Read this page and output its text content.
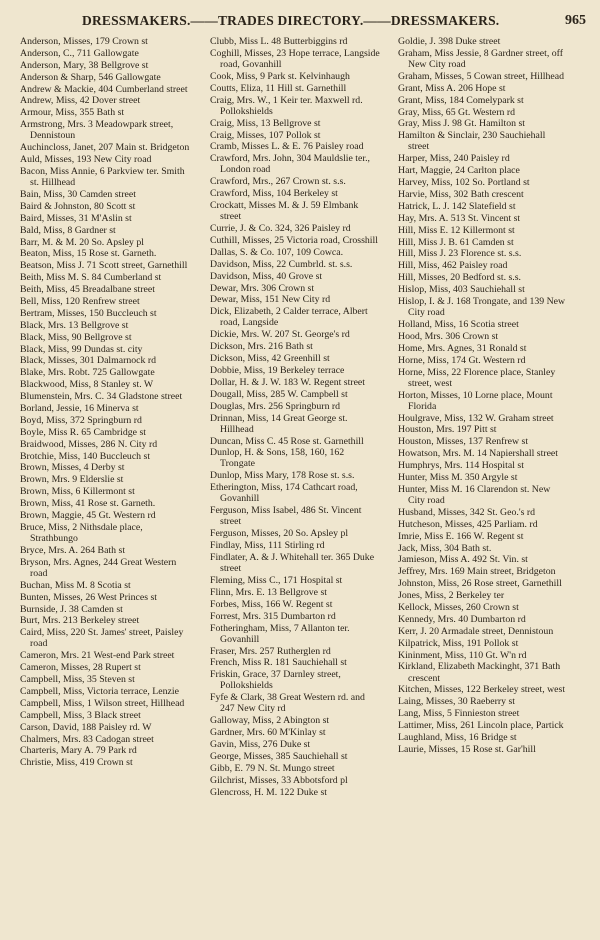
DRESSMAKERS.——TRADES DIRECTORY.——DRESSMAKERS.	965
Anderson, Misses, 179 Crown st
Anderson, C., 711 Gallowgate
Anderson, Mary, 38 Bellgrove st
Anderson & Sharp, 546 Gallowgate
Andrew & Mackie, 404 Cumberland street
Andrew, Miss, 42 Dover street
Armour, Miss, 355 Bath st
Armstrong, Mrs. 3 Meadowpark street, Dennistoun
Auchincloss, Janet, 207 Main st. Bridgeton
Auld, Misses, 193 New City road
Bacon, Miss Annie, 6 Parkview ter. Smith st. Hillhead
Bain, Miss, 30 Camden street
Baird & Johnston, 80 Scott st
Baird, Misses, 31 M'Aslin st
Bald, Miss, 8 Gardner st
Barr, M. & M. 20 So. Apsley pl
Beaton, Miss, 15 Rose st. Garneth.
Beatson, Miss J. 71 Scott street, Garnethill
Beith, Miss M. S. 84 Cumberland st
Beith, Miss, 45 Breadalbane street
Bell, Miss, 120 Renfrew street
Bertram, Misses, 150 Buccleuch st
Black, Mrs. 13 Bellgrove st
Black, Miss, 90 Bellgrove st
Black, Miss, 99 Dundas st. city
Black, Misses, 301 Dalmarnock rd
Blake, Mrs. Robt. 725 Gallowgate
Blackwood, Miss, 8 Stanley st. W
Blumenstein, Mrs. C. 34 Gladstone street
Borland, Jessie, 16 Minerva st
Boyd, Miss, 372 Springburn rd
Boyle, Miss R. 65 Cambridge st
Braidwood, Misses, 286 N. City rd
Brotchie, Miss, 140 Buccleuch st
Brown, Misses, 4 Derby st
Brown, Mrs. 9 Elderslie st
Brown, Miss, 6 Killermont st
Brown, Miss, 41 Rose st. Garneth.
Brown, Maggie, 45 Gt. Western rd
Bruce, Miss, 2 Nithsdale place, Strathbungo
Bryce, Mrs. A. 264 Bath st
Bryson, Mrs. Agnes, 244 Great Western road
Buchan, Miss M. 8 Scotia st
Bunten, Misses, 26 West Princes st
Burnside, J. 38 Camden st
Burt, Mrs. 213 Berkeley street
Caird, Miss, 220 St. James' street, Paisley road
Cameron, Mrs. 21 West-end Park street
Cameron, Misses, 28 Rupert st
Campbell, Miss, 35 Steven st
Campbell, Miss, Victoria terrace, Lenzie
Campbell, Miss, 1 Wilson street, Hillhead
Campbell, Miss, 3 Black street
Carson, David, 188 Paisley rd. W
Chalmers, Mrs. 83 Cadogan street
Charteris, Mary A. 79 Park rd
Christie, Miss, 419 Crown st
Clubb, Miss L. 48 Butterbiggins rd
Coghill, Misses, 23 Hope terrace, Langside road, Govanhill
Cook, Miss, 9 Park st. Kelvinhaugh
Coutts, Eliza, 11 Hill st. Garnethill
Craig, Mrs. W., 1 Keir ter. Maxwell rd. Pollokshields
Craig, Miss, 13 Bellgrove st
Craig, Misses, 107 Pollok st
Cramb, Misses L. & E. 76 Paisley road
Crawford, Mrs. John, 304 Mauldslie ter., London road
Crawford, Mrs., 267 Crown st. s.s.
Crawford, Miss, 104 Berkeley st
Crockatt, Misses M. & J. 59 Elmbank street
Currie, J. & Co. 324, 326 Paisley rd
Cuthill, Misses, 25 Victoria road, Crosshill
Dallas, S. & Co. 107, 109 Cowca.
Davidson, Miss, 22 Cumbrld. st. s.s.
Davidson, Miss, 40 Grove st
Dewar, Mrs. 306 Crown st
Dewar, Miss, 151 New City rd
Dick, Elizabeth, 2 Calder terrace, Albert road, Langside
Dickie, Mrs. W. 207 St. George's rd
Dickson, Mrs. 216 Bath st
Dickson, Miss, 42 Greenhill st
Dobbie, Miss, 19 Berkeley terrace
Dollar, H. & J. W. 183 W. Regent street
Dougall, Miss, 285 W. Campbell st
Douglas, Mrs. 256 Springburn rd
Drinnan, Miss, 14 Great George st. Hillhead
Duncan, Miss C. 45 Rose st. Garnethill
Dunlop, H. & Sons, 158, 160, 162 Trongate
Dunlop, Miss Mary, 178 Rose st. s.s.
Etherington, Miss, 174 Cathcart road, Govanhill
Ferguson, Miss Isabel, 486 St. Vincent street
Ferguson, Misses, 20 So. Apsley pl
Findlay, Miss, 111 Stirling rd
Findlater, A. & J. Whitehall ter. 365 Duke street
Fleming, Miss C., 171 Hospital st
Flinn, Mrs. E. 13 Bellgrove st
Forbes, Miss, 166 W. Regent st
Forrest, Mrs. 315 Dumbarton rd
Fotheringham, Miss, 7 Allanton ter. Govanhill
Fraser, Mrs. 257 Rutherglen rd
French, Miss R. 181 Sauchiehall st
Friskin, Grace, 37 Darnley street, Pollokshields
Fyfe & Clark, 38 Great Western rd. and 247 New City rd
Galloway, Miss, 2 Abington st
Gardner, Mrs. 60 M'Kinlay st
Gavin, Miss, 276 Duke st
George, Misses, 385 Sauchiehall st
Gibb, E. 79 N. St. Mungo street
Gilchrist, Misses, 33 Abbotsford pl
Glencross, H. M. 122 Duke st
Goldie, J. 398 Duke street
Graham, Miss Jessie, 8 Gardner street, off New City road
Graham, Misses, 5 Cowan street, Hillhead
Grant, Miss A. 206 Hope st
Grant, Miss, 184 Comelypark st
Gray, Miss, 65 Gt. Western rd
Gray, Miss J. 98 Gt. Hamilton st
Hamilton & Sinclair, 230 Sauchiehall street
Harper, Miss, 240 Paisley rd
Hart, Maggie, 24 Carlton place
Harvey, Miss, 102 So. Portland st
Harvie, Miss, 302 Bath crescent
Hatrick, L. J. 142 Slatefield st
Hay, Mrs. A. 513 St. Vincent st
Hill, Miss E. 12 Killermont st
Hill, Miss J. B. 61 Camden st
Hill, Miss J. 23 Florence st. s.s.
Hill, Miss, 462 Paisley road
Hill, Misses, 20 Bedford st. s.s.
Hislop, Miss, 403 Sauchiehall st
Hislop, I. & J. 168 Trongate, and 139 New City road
Holland, Miss, 16 Scotia street
Hood, Mrs. 306 Crown st
Home, Mrs. Agnes, 31 Ronald st
Horne, Miss, 174 Gt. Western rd
Horne, Miss, 22 Florence place, Stanley street, west
Horton, Misses, 10 Lorne place, Mount Florida
Houlgrave, Miss, 132 W. Graham street
Houston, Mrs. 197 Pitt st
Houston, Misses, 137 Renfrew st
Howatson, Mrs. M. 14 Napiershall street
Humphrys, Mrs. 114 Hospital st
Hunter, Miss M. 350 Argyle st
Hunter, Miss M. 16 Clarendon st. New City road
Husband, Misses, 342 St. Geo.'s rd
Hutcheson, Misses, 425 Parliam. rd
Imrie, Miss E. 166 W. Regent st
Jack, Miss, 304 Bath st.
Jamieson, Miss A. 492 St. Vin. st
Jeffrey, Mrs. 169 Main street, Bridgeton
Johnston, Miss, 26 Rose street, Garnethill
Jones, Miss, 2 Berkeley ter
Kellock, Misses, 260 Crown st
Kennedy, Mrs. 40 Dumbarton rd
Kerr, J. 20 Armadale street, Dennistoun
Kilpatrick, Miss, 191 Pollok st
Kininment, Miss, 110 Gt. W'n rd
Kirkland, Elizabeth Mackinght, 371 Bath crescent
Kitchen, Misses, 122 Berkeley street, west
Laing, Misses, 30 Raeberry st
Lang, Miss, 5 Finnieston street
Lattimer, Miss, 261 Lincoln place, Partick
Laughland, Miss, 16 Bridge st
Laurie, Misses, 15 Rose st. Gar'hill
